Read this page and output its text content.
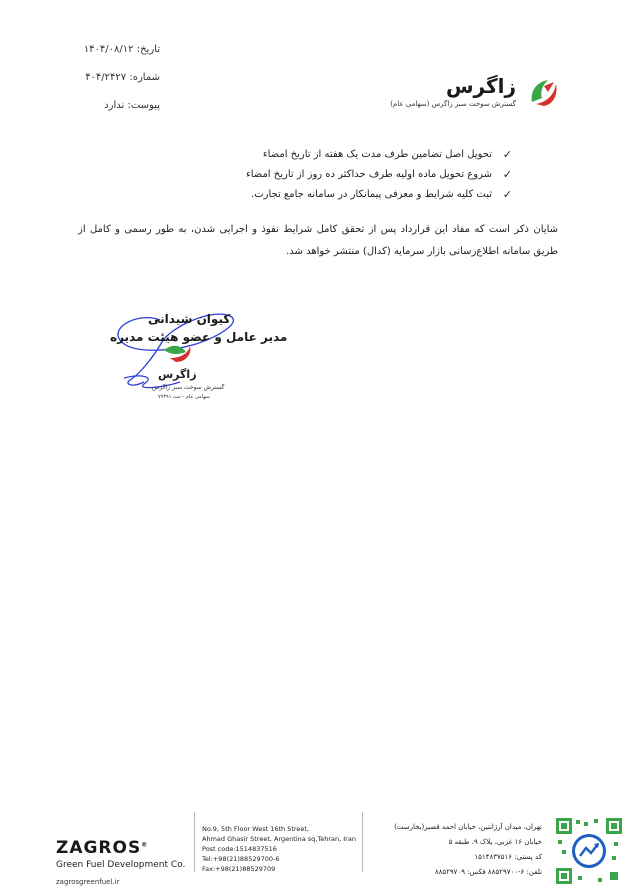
تاریخ: ۱۴۰۴/۰۸/۱۲
شماره: ۴۰۴/۲۴۲۷
پیوست: ندارد
زاگرس
گسترش سوخت سبز زاگرس (سهامی عام)
✓
تحویل اصل تضامین طرف مدت یک هفته از تاریخ امضاء
✓
شروع تحویل ماده اولیه طرف حداکثر ده روز از تاریخ امضاء
✓
ثبت کلیه شرایط و معرفی پیمانکار در سامانه جامع تجارت.
شایان ذکر است که مفاد این قرارداد پس از تحقق کامل شرایط نفوذ و اجرایی شدن، به طور رسمی و کامل از طریق سامانه اطلاع‌رسانی بازار سرمایه (کدال) منتشر خواهد شد.
کیوان شیدانی
مدیر عامل و عضو هیئت مدیره
زاگرس
گسترش سوخت سبز زاگرس
سهامی عام - ثبت ۷۷۳۹۱
ZAGROS®
Green Fuel Development Co.
zagrosgreenfuel.ir
No.9, 5th Floor West 16th Street,
Ahmad Ghasir Street, Argentina sq,Tehran, Iran
Post code:1514837516
Tel:+98(21)88529700-6
Fax:+98(21)88529709
تهران، میدان آرژانتین، خیابان احمد قصیر(بخارست)
خیابان ۱۶ غربی، پلاک ۹، طبقه ۵
کد پستی: ۱۵۱۴۸۳۷۵۱۶
تلفن: ۶-۸۸۵۲۹۷۰۰ فکس: ۸۸۵۲۹۷۰۹
